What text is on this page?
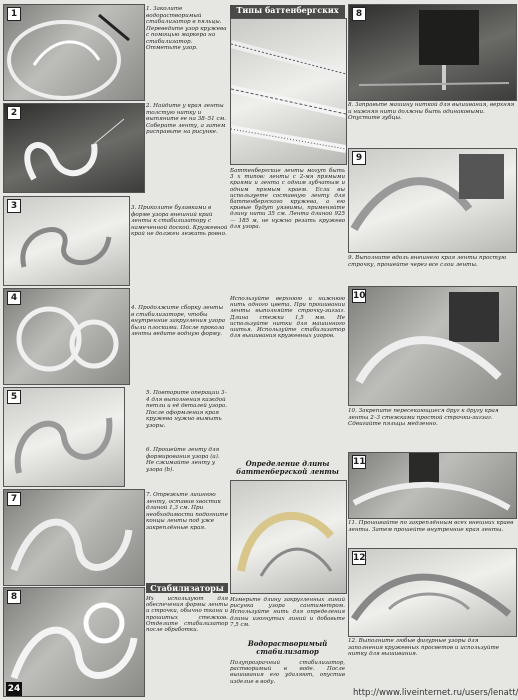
1	1. Заколите водорастворимый стабилизатор в пяльцы. Переведите узор кружева с помощью маркера на стабилизатор. Отметьте узор.
2
2. Найдите у края ленты толстую нитку и вытяните ее на 38–51 см. Соберите ленту, а затем расправьте на рисунке.
3	3. Приколите булавками в форме узора внешний край ленты к стабилизатору с намеченной доской. Кружевной край не должен лежать ровно.
4
4. Продолжите сборку ленты в стабилизаторе, чтобы внутренние закругления узора были плоскими. После прокола ленты ведите водную форму.
5	5. Повторите операции 3–4 для выполнения каждой петли и её деталей узора. После оформления края кружева нужно вымыть узоры.
6. Прошейте ленту для формирования узора (а). Не сжимайте ленту у узора (b).
7	7. Отрежьте лишнюю ленту, оставив хвостик длиной 1,3 см. При необходимости подогните концы ленты под уже закреплённые края.
8
Стабилизаторы
Их используют для обеспечения формы ленты и строчки, обычно ткани и прошитых стежков. Отделите стабилизатор после обработки.
24
Типы баттенбергских
Баттенбергские ленты могут быть 3 х типов: ленты с 2-мя прямыми краями и лента с одним зубчатым и одним прямым краем. Если вы используете составную ленту для баттенбергского кружева, а ею кривые будут уязвимы, применяйте длину нити 35 см. Лента длиной 925 — 185 м, не нужно резать кружево для узора.
Используйте верхнюю и нижнюю нить одного цвета. При прошивании ленты выполняйте строчку-зигзаг. Длина стежка 1,5 мм. Не используйте нитки для машинного шитья. Используйте стабилизатор для вышивания кружевных узоров.
Определение длины баттенбергской ленты
Измерьте длину закругленных линий рисунка узора сантиметром. Используйте нить для определения длины изогнутых линий и добавьте 7,5 см.
Водорастворимый стабилизатор
Полупрозрачный стабилизатор, растворимый в воде. После вышивания его удаляют, опустив изделие в воду.
8
8. Заправьте машину ниткой для вышивания, верхняя и нижняя нити должны быть одинаковыми. Опустите зубцы.
9
9. Выполните вдоль внешнего края ленты простую строчку, прошейте через все слои ленты.
10
10. Закрепите пересекающиеся друг к другу края ленты 2–3 стежками простой строчки-зигзаг. Сдвигайте пяльцы медленно.
11
11. Прошивайте по закреплённым всех внешних краев ленты. Затем прошейте внутренние края ленты.
12
12. Выполните любые фигурные узоры для заполнения кружевных просветов и используйте нитку для вышивания.
http://www.liveinternet.ru/users/lenatt/
